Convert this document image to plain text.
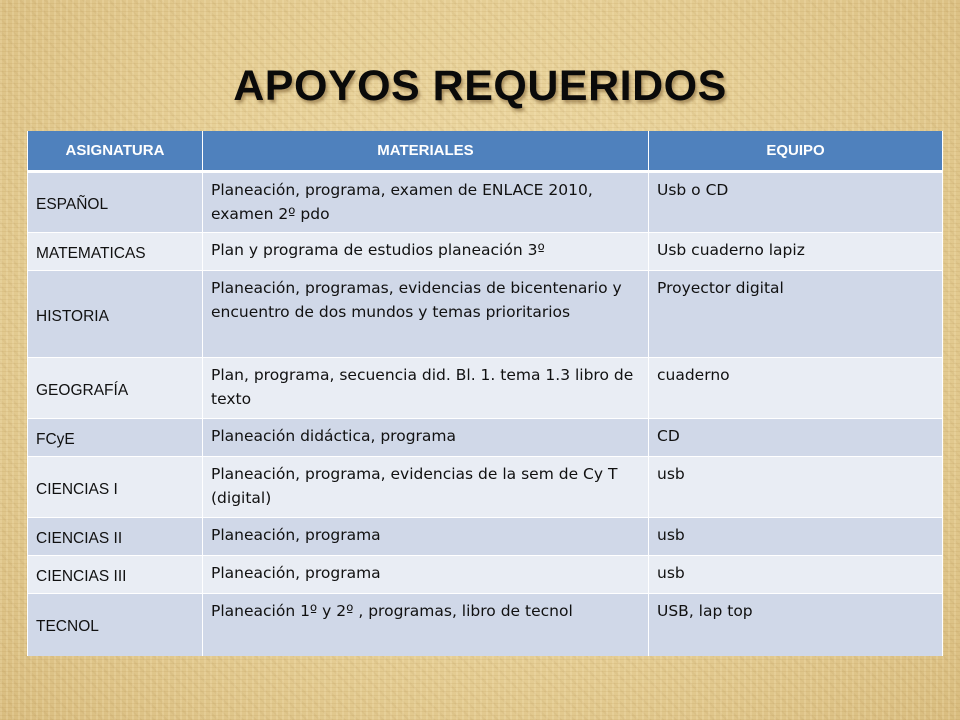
APOYOS REQUERIDOS
ASIGNATURA	MATERIALES	EQUIPO
ESPAÑOL	Planeación, programa, examen de ENLACE 2010, examen 2º pdo	Usb o CD
MATEMATICAS	Plan y programa de estudios planeación 3º	Usb cuaderno lapiz
HISTORIA	Planeación, programas, evidencias de bicentenario y encuentro de dos mundos y temas prioritarios	Proyector digital
GEOGRAFÍA	Plan, programa, secuencia did. Bl. 1. tema 1.3 libro de texto	cuaderno
FCyE	Planeación didáctica, programa	CD
CIENCIAS I	Planeación, programa, evidencias de la sem de Cy T (digital)	usb
CIENCIAS II	Planeación, programa	usb
CIENCIAS III	Planeación, programa	usb
TECNOL	Planeación 1º y 2º , programas, libro de tecnol	USB, lap top
